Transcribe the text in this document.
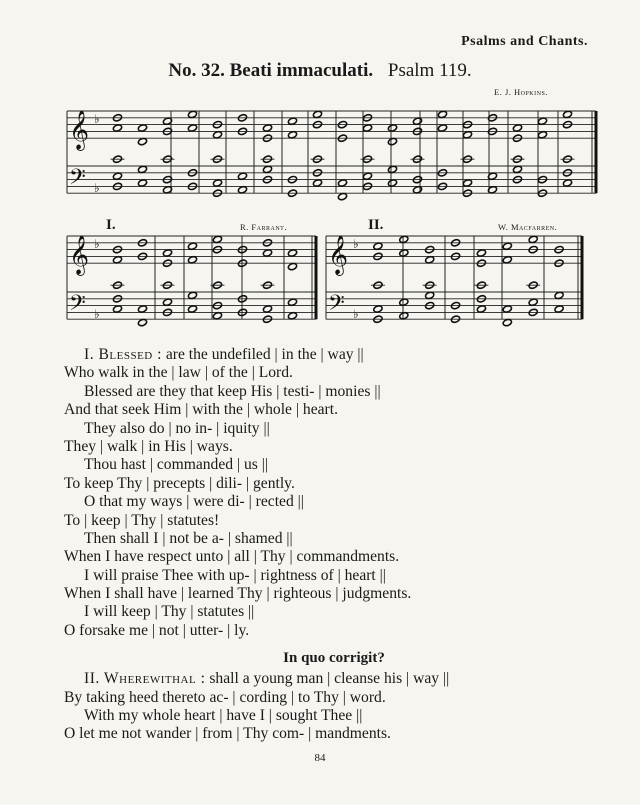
Psalms and Chants.
No. 32. Beati immaculati. Psalm 119.
E. J. Hopkins.
I.	R. Farrant.	II.	W. Macfarren.
𝄞
𝄢
♭
♭
𝄞
𝄢
♭
♭
𝄞
𝄢
♭
♭
I. Blessed : are the undefiled | in the | way ||
Who walk in the | law | of the | Lord.
Blessed are they that keep His | testi- | monies ||
And that seek Him | with the | whole | heart.
They also do | no in- | iquity ||
They | walk | in His | ways.
Thou hast | commanded | us ||
To keep Thy | precepts | dili- | gently.
O that my ways | were di- | rected ||
To | keep | Thy | statutes!
Then shall I | not be a- | shamed ||
When I have respect unto | all | Thy | commandments.
I will praise Thee with up- | rightness of | heart ||
When I shall have | learned Thy | righteous | judgments.
I will keep | Thy | statutes ||
O forsake me | not | utter- | ly.
In quo corrigit?
II. Wherewithal : shall a young man | cleanse his | way ||
By taking heed thereto ac- | cording | to Thy | word.
With my whole heart | have I | sought Thee ||
O let me not wander | from | Thy com- | mandments.
84
